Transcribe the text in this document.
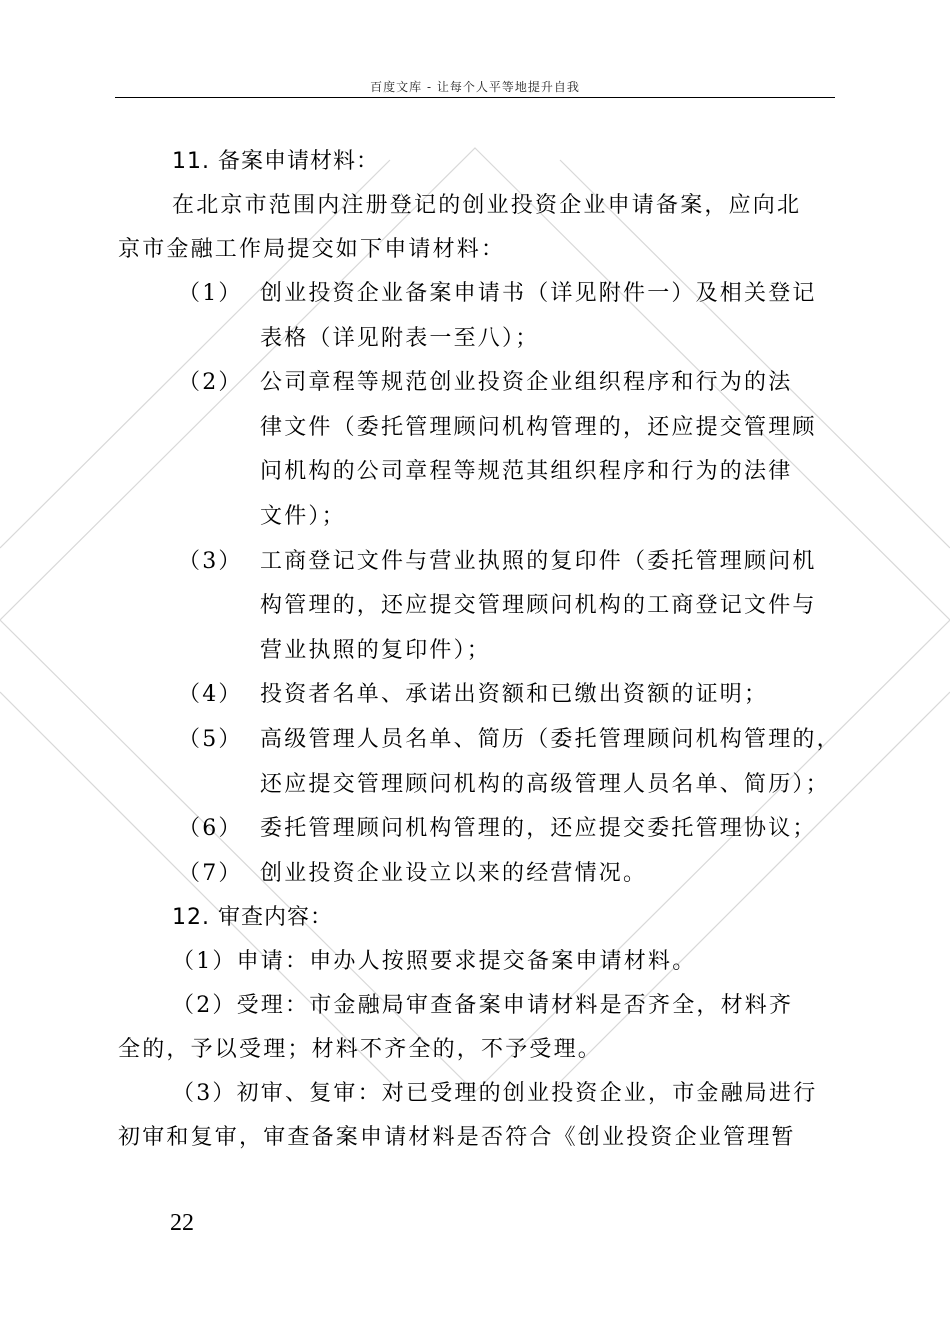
百度文库 - 让每个人平等地提升自我
11. 备案申请材料：
在北京市范围内注册登记的创业投资企业申请备案，应向北
京市金融工作局提交如下申请材料：
（1） 创业投资企业备案申请书（详见附件一）及相关登记
表格（详见附表一至八）；
（2） 公司章程等规范创业投资企业组织程序和行为的法
律文件（委托管理顾问机构管理的，还应提交管理顾
问机构的公司章程等规范其组织程序和行为的法律
文件）；
（3） 工商登记文件与营业执照的复印件（委托管理顾问机
构管理的，还应提交管理顾问机构的工商登记文件与
营业执照的复印件）；
（4） 投资者名单、承诺出资额和已缴出资额的证明；
（5） 高级管理人员名单、简历（委托管理顾问机构管理的，
还应提交管理顾问机构的高级管理人员名单、简历）；
（6） 委托管理顾问机构管理的，还应提交委托管理协议；
（7） 创业投资企业设立以来的经营情况。
12. 审查内容：
（1）申请：申办人按照要求提交备案申请材料。
（2）受理：市金融局审查备案申请材料是否齐全，材料齐
全的，予以受理；材料不齐全的，不予受理。
（3）初审、复审：对已受理的创业投资企业，市金融局进行
初审和复审，审查备案申请材料是否符合《创业投资企业管理暂
22
